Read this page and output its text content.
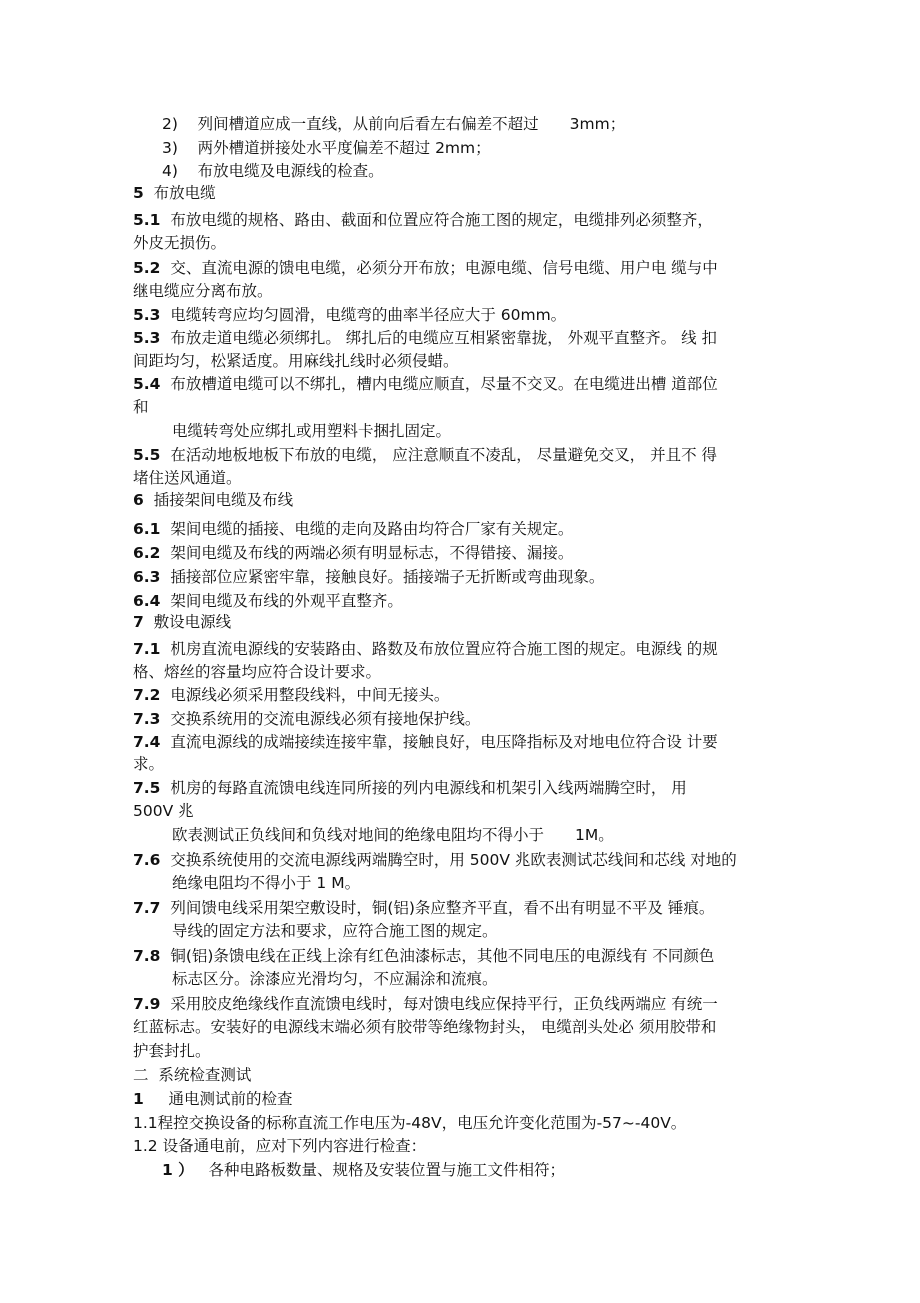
2) 列间槽道应成一直线，从前向后看左右偏差不超过　　3mm；
3) 两外槽道拼接处水平度偏差不超过 2mm；
4) 布放电缆及电源线的检查。
5 布放电缆
5.1 布放电缆的规格、路由、截面和位置应符合施工图的规定，电缆排列必须整齐，
外皮无损伤。
5.2 交、直流电源的馈电电缆，必须分开布放；电源电缆、信号电缆、用户电 缆与中
继电缆应分离布放。
5.3 电缆转弯应均匀圆滑，电缆弯的曲率半径应大于 60mm。
5.3 布放走道电缆必须绑扎。 绑扎后的电缆应互相紧密靠拢， 外观平直整齐。 线 扣
间距均匀，松紧适度。用麻线扎线时必须侵蜡。
5.4 布放槽道电缆可以不绑扎，槽内电缆应顺直，尽量不交叉。在电缆进出槽 道部位
和
电缆转弯处应绑扎或用塑料卡捆扎固定。
5.5 在活动地板地板下布放的电缆， 应注意顺直不凌乱， 尽量避免交叉， 并且不 得
堵住送风通道。
6 插接架间电缆及布线
6.1 架间电缆的插接、电缆的走向及路由均符合厂家有关规定。
6.2 架间电缆及布线的两端必须有明显标志，不得错接、漏接。
6.3 插接部位应紧密牢靠，接触良好。插接端子无折断或弯曲现象。
6.4 架间电缆及布线的外观平直整齐。
7 敷设电源线
7.1 机房直流电源线的安装路由、路数及布放位置应符合施工图的规定。电源线 的规
格、熔丝的容量均应符合设计要求。
7.2 电源线必须采用整段线料，中间无接头。
7.3 交换系统用的交流电源线必须有接地保护线。
7.4 直流电源线的成端接续连接牢靠，接触良好，电压降指标及对地电位符合设 计要
求。
7.5 机房的每路直流馈电线连同所接的列内电源线和机架引入线两端腾空时， 用
500V 兆
欧表测试正负线间和负线对地间的绝缘电阻均不得小于　　1M。
7.6 交换系统使用的交流电源线两端腾空时，用 500V 兆欧表测试芯线间和芯线 对地的
绝缘电阻均不得小于 1 M。
7.7 列间馈电线采用架空敷设时，铜(铝)条应整齐平直，看不出有明显不平及 锤痕。
导线的固定方法和要求，应符合施工图的规定。
7.8 铜(铝)条馈电线在正线上涂有红色油漆标志，其他不同电压的电源线有 不同颜色
标志区分。涂漆应光滑均匀，不应漏涂和流痕。
7.9 采用胶皮绝缘线作直流馈电线时，每对馈电线应保持平行，正负线两端应 有统一
红蓝标志。安装好的电源线末端必须有胶带等绝缘物封头， 电缆剖头处必 须用胶带和
护套封扎。
二 系统检查测试
1 通电测试前的检查
1.1程控交换设备的标称直流工作电压为-48V，电压允许变化范围为-57~-40V。
1.2 设备通电前，应对下列内容进行检查：
1 ） 各种电路板数量、规格及安装位置与施工文件相符；
